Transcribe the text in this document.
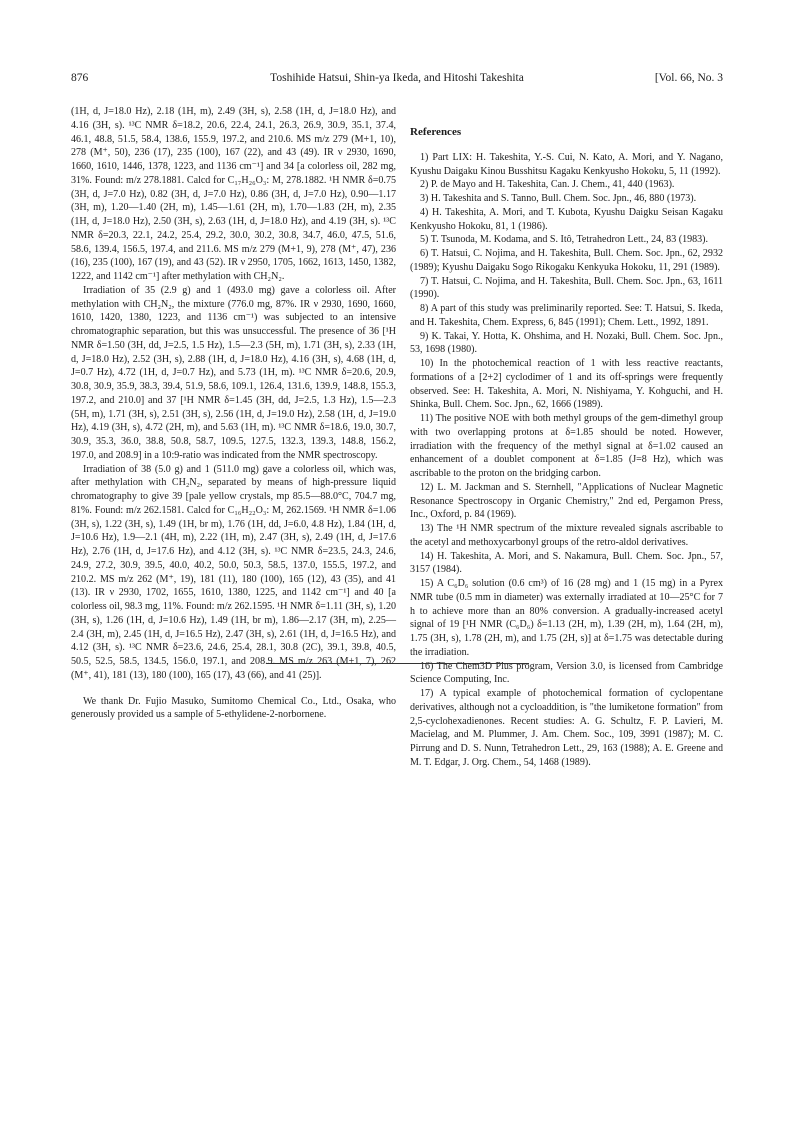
876	Toshihide Hatsui, Shin-ya Ikeda, and Hitoshi Takeshita	[Vol. 66, No. 3

(1H, d, J=18.0 Hz), 2.18 (1H, m), 2.49 (3H, s), 2.58 (1H, d, J=18.0 Hz), and 4.16 (3H, s). ¹³C NMR δ=18.2, 20.6, 22.4, 24.1, 26.3, 26.9, 30.9, 35.1, 37.4, 46.1, 48.8, 51.5, 58.4, 138.6, 155.9, 197.2, and 210.6. MS m/z 279 (M+1, 10), 278 (M⁺, 50), 236 (17), 235 (100), 167 (22), and 43 (49). IR ν 2930, 1690, 1660, 1610, 1446, 1378, 1223, and 1136 cm⁻¹] and 34 [a colorless oil, 282 mg, 31%. Found: m/z 278.1881. Calcd for C₁₇H₂₆O₃: M, 278.1882. ¹H NMR δ=0.75 (3H, d, J=7.0 Hz), 0.82 (3H, d, J=7.0 Hz), 0.86 (3H, d, J=7.0 Hz), 0.90—1.17 (3H, m), 1.20—1.40 (2H, m), 1.45—1.61 (2H, m), 1.70—1.83 (2H, m), 2.35 (1H, d, J=18.0 Hz), 2.50 (3H, s), 2.63 (1H, d, J=18.0 Hz), and 4.19 (3H, s). ¹³C NMR δ=20.3, 22.1, 24.2, 25.4, 29.2, 30.0, 30.2, 30.8, 34.7, 46.0, 47.5, 51.6, 58.6, 139.4, 156.5, 197.4, and 211.6. MS m/z 279 (M+1, 9), 278 (M⁺, 47), 236 (16), 235 (100), 167 (19), and 43 (52). IR ν 2950, 1705, 1662, 1613, 1450, 1382, 1222, and 1142 cm⁻¹] after methylation with CH₂N₂.

Irradiation of 35 (2.9 g) and 1 (493.0 mg) gave a colorless oil. After methylation with CH₂N₂, the mixture (776.0 mg, 87%. IR ν 2930, 1690, 1660, 1610, 1420, 1380, 1223, and 1136 cm⁻¹) was subjected to an intensive chromatographic separation, but this was unsuccessful. The presence of 36 [¹H NMR δ=1.50 (3H, dd, J=2.5, 1.5 Hz), 1.5—2.3 (5H, m), 1.71 (3H, s), 2.33 (1H, d, J=18.0 Hz), 2.52 (3H, s), 2.88 (1H, d, J=18.0 Hz), 4.16 (3H, s), 4.68 (1H, d, J=0.7 Hz), 4.72 (1H, d, J=0.7 Hz), and 5.73 (1H, m). ¹³C NMR δ=20.6, 20.9, 30.8, 30.9, 35.9, 38.3, 39.4, 51.9, 58.6, 109.1, 126.4, 131.6, 139.9, 148.8, 155.3, 197.2, and 210.0] and 37 [¹H NMR δ=1.45 (3H, dd, J=2.5, 1.3 Hz), 1.5—2.3 (5H, m), 1.71 (3H, s), 2.51 (3H, s), 2.56 (1H, d, J=19.0 Hz), 2.58 (1H, d, J=19.0 Hz), 4.19 (3H, s), 4.72 (2H, m), and 5.63 (1H, m). ¹³C NMR δ=18.6, 19.0, 30.7, 30.9, 35.3, 36.0, 38.8, 50.8, 58.7, 109.5, 127.5, 132.3, 139.3, 148.8, 156.2, 197.0, and 208.9] in a 10:9-ratio was indicated from the NMR spectroscopy.

Irradiation of 38 (5.0 g) and 1 (511.0 mg) gave a colorless oil, which was, after methylation with CH₂N₂, separated by means of high-pressure liquid chromatography to give 39 [pale yellow crystals, mp 85.5—88.0°C, 704.7 mg, 81%. Found: m/z 262.1581. Calcd for C₁₆H₂₂O₃: M, 262.1569. ¹H NMR δ=1.06 (3H, s), 1.22 (3H, s), 1.49 (1H, br m), 1.76 (1H, dd, J=6.0, 4.8 Hz), 1.84 (1H, d, J=10.6 Hz), 1.9—2.1 (4H, m), 2.22 (1H, m), 2.47 (3H, s), 2.49 (1H, d, J=17.6 Hz), 2.76 (1H, d, J=17.6 Hz), and 4.12 (3H, s). ¹³C NMR δ=23.5, 24.3, 24.6, 24.9, 27.2, 30.9, 39.5, 40.0, 40.2, 50.0, 50.3, 58.5, 137.0, 155.5, 197.2, and 210.2. MS m/z 262 (M⁺, 19), 181 (11), 180 (100), 165 (12), 43 (35), and 41 (13). IR ν 2930, 1702, 1655, 1610, 1380, 1225, and 1142 cm⁻¹] and 40 [a colorless oil, 98.3 mg, 11%. Found: m/z 262.1595. ¹H NMR δ=1.11 (3H, s), 1.20 (3H, s), 1.26 (1H, d, J=10.6 Hz), 1.49 (1H, br m), 1.86—2.17 (3H, m), 2.25—2.4 (3H, m), 2.45 (1H, d, J=16.5 Hz), 2.47 (3H, s), 2.61 (1H, d, J=16.5 Hz), and 4.12 (3H, s). ¹³C NMR δ=23.6, 24.6, 25.4, 28.1, 30.8 (2C), 39.1, 39.8, 40.5, 50.5, 52.5, 58.5, 134.5, 156.0, 197.1, and 208.9. MS m/z 263 (M+1, 7), 262 (M⁺, 41), 181 (13), 180 (100), 165 (17), 43 (66), and 41 (25)].

We thank Dr. Fujio Masuko, Sumitomo Chemical Co., Ltd., Osaka, who generously provided us a sample of 5-ethylidene-2-norbornene.

References

1) Part LIX: H. Takeshita, Y.-S. Cui, N. Kato, A. Mori, and Y. Nagano, Kyushu Daigaku Kinou Busshitsu Kagaku Kenkyusho Hokoku, 5, 11 (1992).

2) P. de Mayo and H. Takeshita, Can. J. Chem., 41, 440 (1963).

3) H. Takeshita and S. Tanno, Bull. Chem. Soc. Jpn., 46, 880 (1973).

4) H. Takeshita, A. Mori, and T. Kubota, Kyushu Daigku Seisan Kagaku Kenkyusho Hokoku, 81, 1 (1986).

5) T. Tsunoda, M. Kodama, and S. Itô, Tetrahedron Lett., 24, 83 (1983).

6) T. Hatsui, C. Nojima, and H. Takeshita, Bull. Chem. Soc. Jpn., 62, 2932 (1989); Kyushu Daigaku Sogo Rikogaku Kenkyuka Hokoku, 11, 291 (1989).

7) T. Hatsui, C. Nojima, and H. Takeshita, Bull. Chem. Soc. Jpn., 63, 1611 (1990).

8) A part of this study was preliminarily reported. See: T. Hatsui, S. Ikeda, and H. Takeshita, Chem. Express, 6, 845 (1991); Chem. Lett., 1992, 1891.

9) K. Takai, Y. Hotta, K. Ohshima, and H. Nozaki, Bull. Chem. Soc. Jpn., 53, 1698 (1980).

10) In the photochemical reaction of 1 with less reactive reactants, formations of a [2+2] cyclodimer of 1 and its off-springs were frequently observed. See: H. Takeshita, A. Mori, N. Nishiyama, Y. Kohguchi, and H. Shinka, Bull. Chem. Soc. Jpn., 62, 1666 (1989).

11) The positive NOE with both methyl groups of the gem-dimethyl group with two overlapping protons at δ=1.85 should be noted. However, irradiation with the frequency of the methyl signal at δ=1.02 caused an enhancement of a doublet component at δ=1.85 (J=8 Hz), which was ascribable to the proton on the bridging carbon.

12) L. M. Jackman and S. Sternhell, "Applications of Nuclear Magnetic Resonance Spectroscopy in Organic Chemistry," 2nd ed, Pergamon Press, Inc., Oxford, p. 84 (1969).

13) The ¹H NMR spectrum of the mixture revealed signals ascribable to the acetyl and methoxycarbonyl groups of the retro-aldol derivatives.

14) H. Takeshita, A. Mori, and S. Nakamura, Bull. Chem. Soc. Jpn., 57, 3157 (1984).

15) A C₆D₆ solution (0.6 cm³) of 16 (28 mg) and 1 (15 mg) in a Pyrex NMR tube (0.5 mm in diameter) was externally irradiated at 10—25°C for 7 h to achieve more than an 80% conversion. A gradually-increased acetyl signal of 19 [¹H NMR (C₆D₆) δ=1.13 (2H, m), 1.39 (2H, m), 1.64 (2H, m), 1.75 (3H, s), 1.78 (2H, m), and 1.75 (2H, s)] at δ=1.75 was detectable during the irradiation.

16) The Chem3D Plus program, Version 3.0, is licensed from Cambridge Science Computing, Inc.

17) A typical example of photochemical formation of cyclopentane derivatives, although not a cycloaddition, is "the lumiketone formation" from 2,5-cyclohexadienones. Recent studies: A. G. Schultz, F. P. Lavieri, M. Macielag, and M. Plummer, J. Am. Chem. Soc., 109, 3991 (1987); M. C. Pirrung and D. S. Nunn, Tetrahedron Lett., 29, 163 (1988); A. E. Greene and M. T. Edgar, J. Org. Chem., 54, 1468 (1989).
